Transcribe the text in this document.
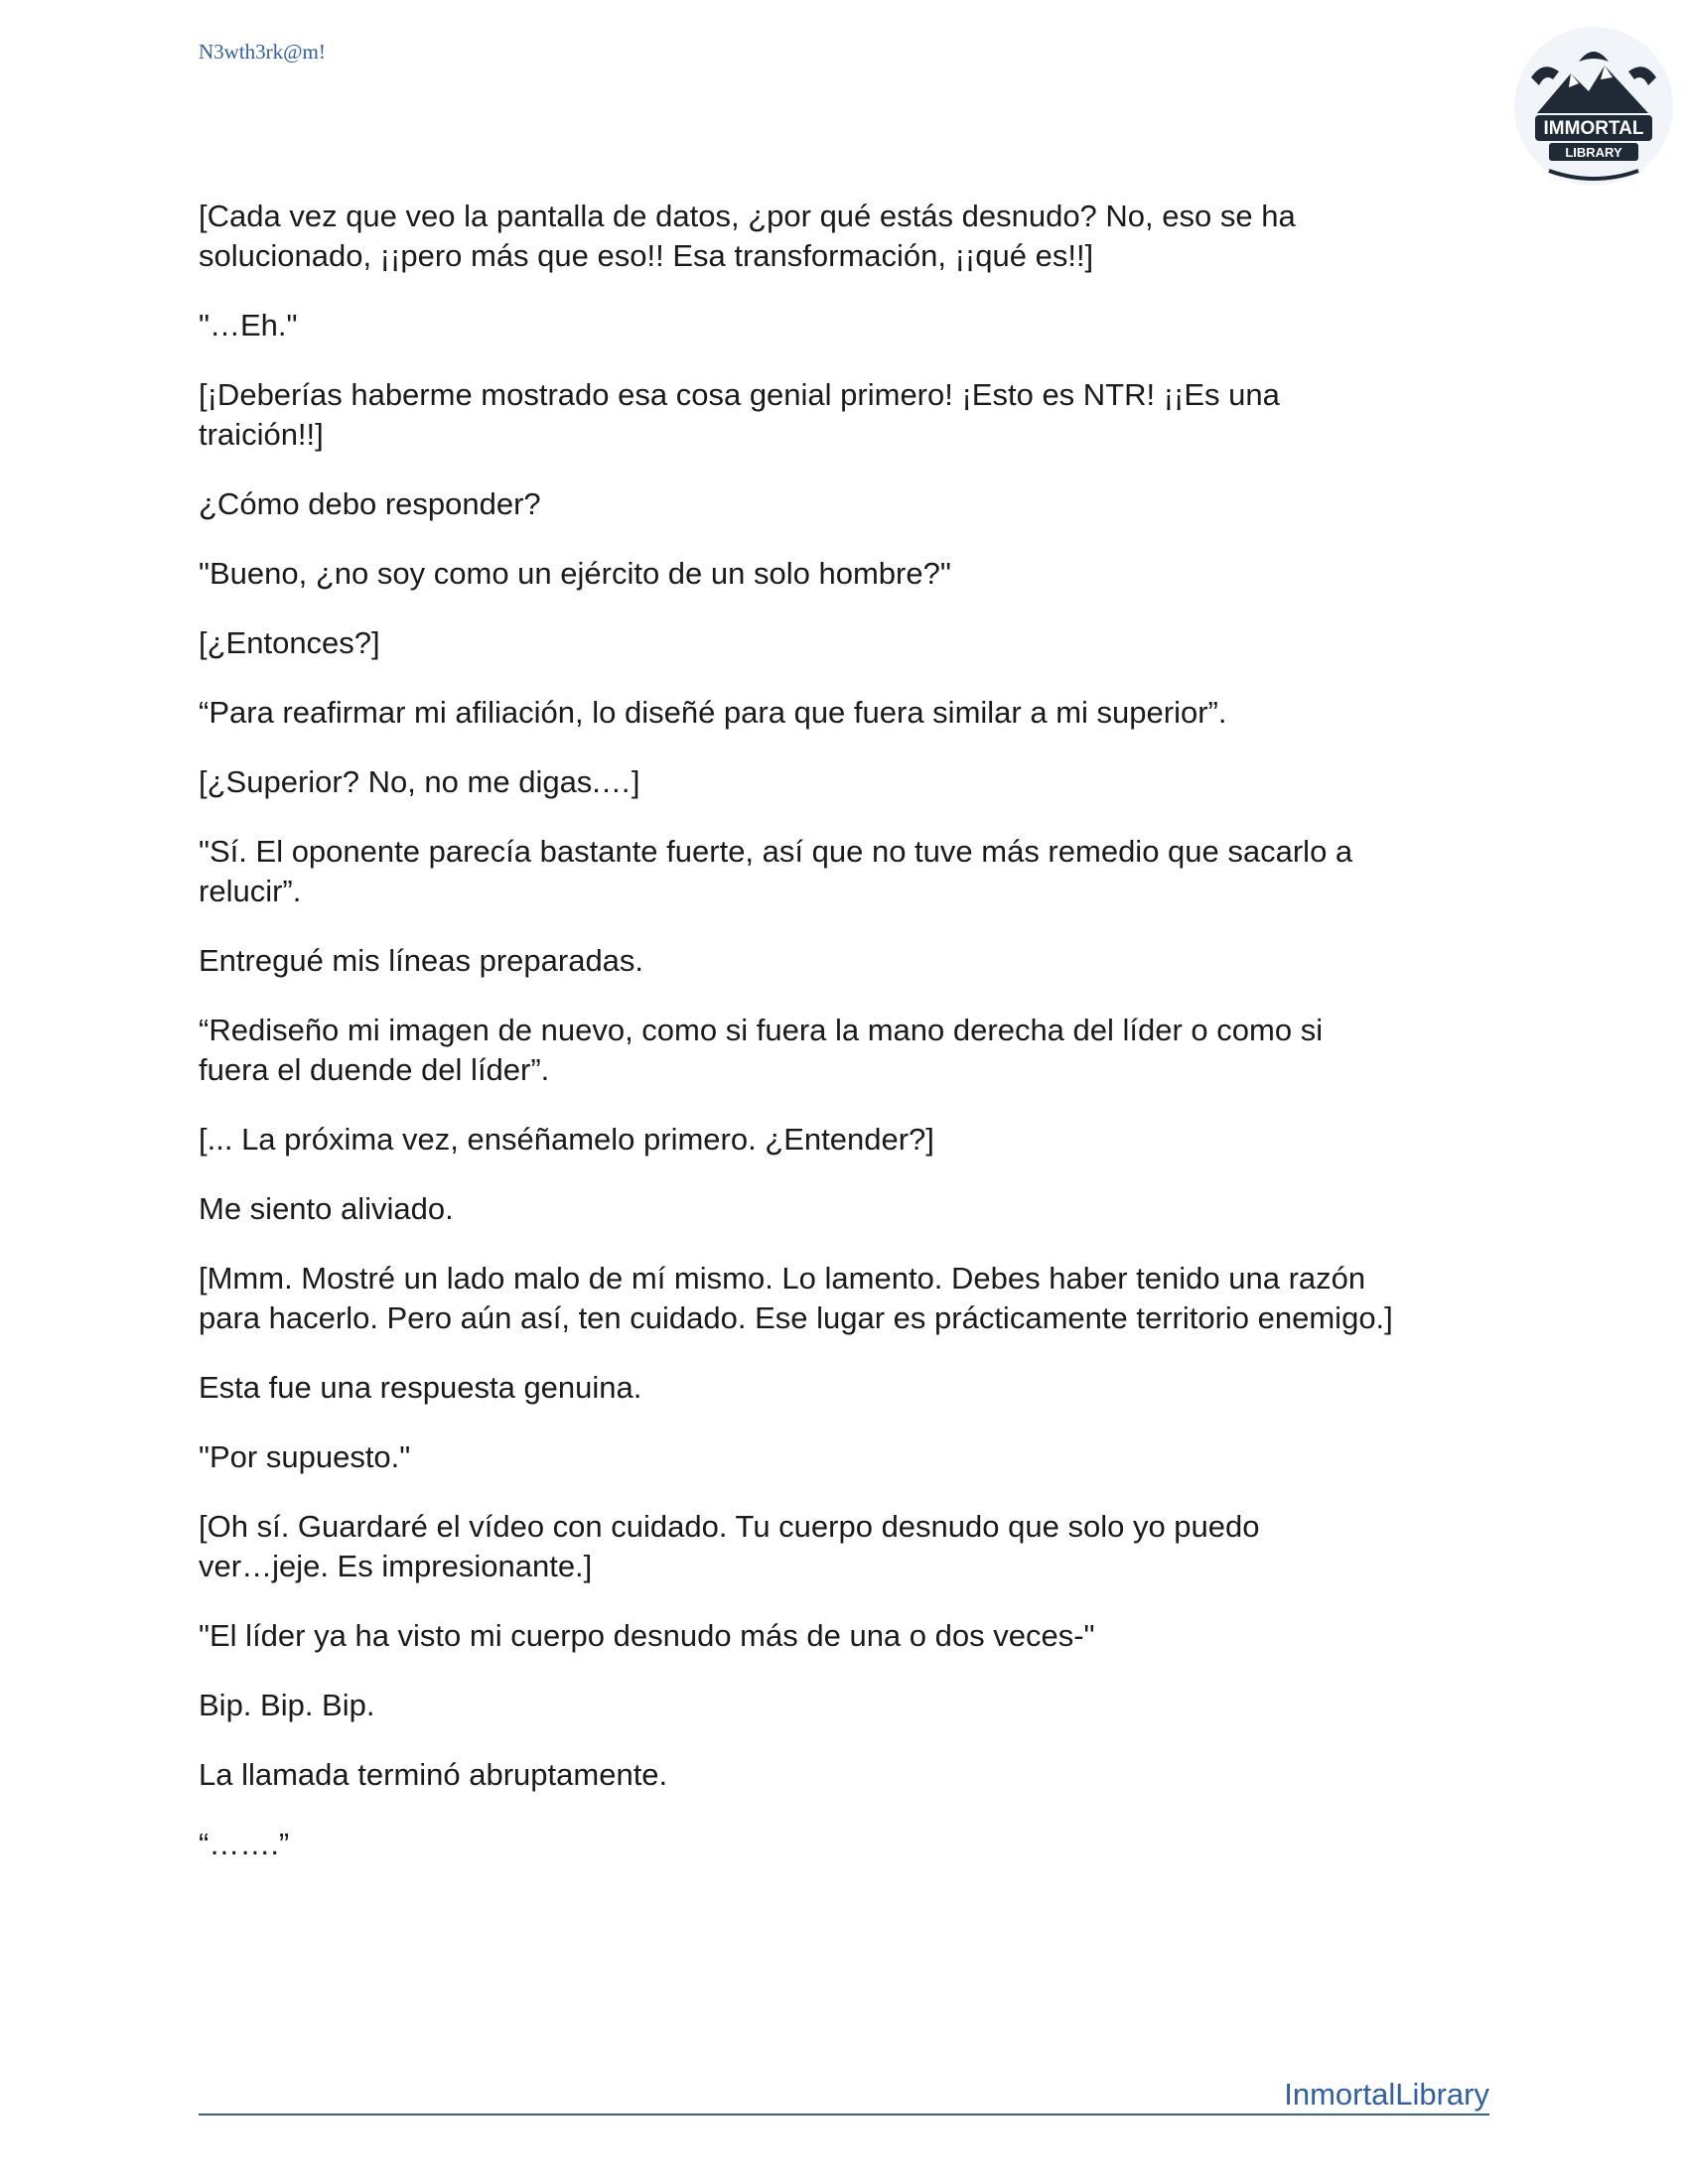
N3wth3rk@m!
IMMORTAL
LIBRARY

[Cada vez que veo la pantalla de datos, ¿por qué estás desnudo? No, eso se ha
solucionado, ¡¡pero más que eso!! Esa transformación, ¡¡qué es!!]

"…Eh."

[¡Deberías haberme mostrado esa cosa genial primero! ¡Esto es NTR! ¡¡Es una
traición!!]

¿Cómo debo responder?

"Bueno, ¿no soy como un ejército de un solo hombre?"

[¿Entonces?]

“Para reafirmar mi afiliación, lo diseñé para que fuera similar a mi superior”.

[¿Superior? No, no me digas.…]

"Sí. El oponente parecía bastante fuerte, así que no tuve más remedio que sacarlo a
relucir”.

Entregué mis líneas preparadas.

“Rediseño mi imagen de nuevo, como si fuera la mano derecha del líder o como si
fuera el duende del líder”.

[... La próxima vez, enséñamelo primero. ¿Entender?]

Me siento aliviado.

[Mmm. Mostré un lado malo de mí mismo. Lo lamento. Debes haber tenido una razón
para hacerlo. Pero aún así, ten cuidado. Ese lugar es prácticamente territorio enemigo.]

Esta fue una respuesta genuina.

"Por supuesto."

[Oh sí. Guardaré el vídeo con cuidado. Tu cuerpo desnudo que solo yo puedo
ver…jeje. Es impresionante.]

"El líder ya ha visto mi cuerpo desnudo más de una o dos veces-"

Bip. Bip. Bip.

La llamada terminó abruptamente.

“…….”

InmortalLibrary
